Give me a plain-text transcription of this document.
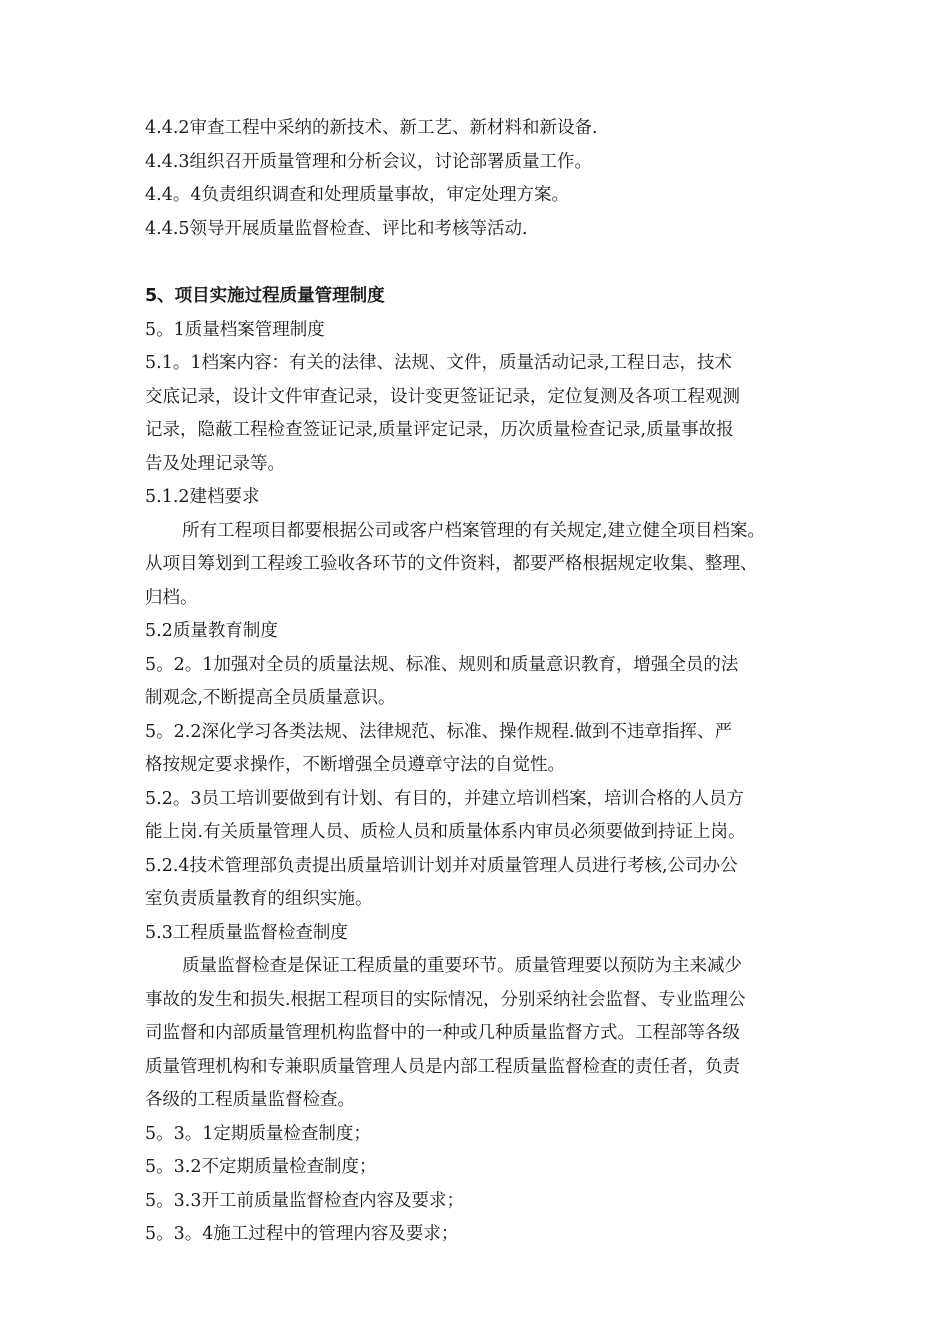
4.4.2审查工程中采纳的新技术、新工艺、新材料和新设备.

4.4.3组织召开质量管理和分析会议，讨论部署质量工作。

4.4。4负责组织调查和处理质量事故，审定处理方案。

4.4.5领导开展质量监督检查、评比和考核等活动.

5、项目实施过程质量管理制度

5。1质量档案管理制度

5.1。1档案内容：有关的法律、法规、文件，质量活动记录,工程日志，技术

交底记录，设计文件审查记录，设计变更签证记录，定位复测及各项工程观测

记录，隐蔽工程检查签证记录,质量评定记录，历次质量检查记录,质量事故报

告及处理记录等。

5.1.2建档要求

所有工程项目都要根据公司或客户档案管理的有关规定,建立健全项目档案。

从项目筹划到工程竣工验收各环节的文件资料，都要严格根据规定收集、整理、

归档。

5.2质量教育制度

5。2。1加强对全员的质量法规、标准、规则和质量意识教育，增强全员的法

制观念,不断提高全员质量意识。

5。2.2深化学习各类法规、法律规范、标准、操作规程.做到不违章指挥、严

格按规定要求操作，不断增强全员遵章守法的自觉性。

5.2。3员工培训要做到有计划、有目的，并建立培训档案，培训合格的人员方

能上岗.有关质量管理人员、质检人员和质量体系内审员必须要做到持证上岗。

5.2.4技术管理部负责提出质量培训计划并对质量管理人员进行考核,公司办公

室负责质量教育的组织实施。

5.3工程质量监督检查制度

质量监督检查是保证工程质量的重要环节。质量管理要以预防为主来减少

事故的发生和损失.根据工程项目的实际情况，分别采纳社会监督、专业监理公

司监督和内部质量管理机构监督中的一种或几种质量监督方式。工程部等各级

质量管理机构和专兼职质量管理人员是内部工程质量监督检查的责任者，负责

各级的工程质量监督检查。

5。3。1定期质量检查制度；

5。3.2不定期质量检查制度；

5。3.3开工前质量监督检查内容及要求；

5。3。4施工过程中的管理内容及要求；
